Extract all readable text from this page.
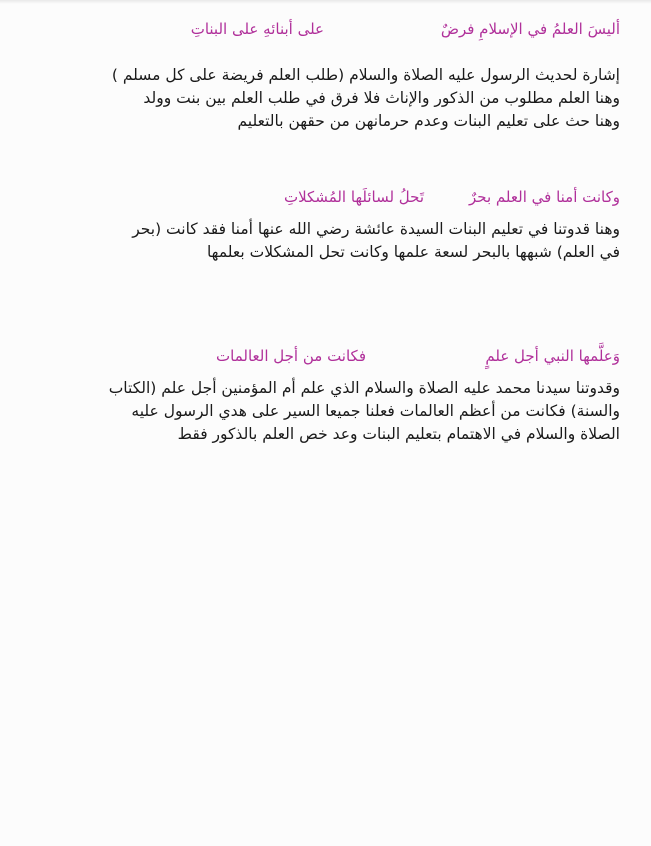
أليسَ العلمُ في الإسلامِ فرضٌ
على أبنائهِ على البناتِ
إشارة لحديث الرسول عليه الصلاة والسلام (طلب العلم فريضة على كل مسلم )
وهنا العلم مطلوب من الذكور والإناث فلا فرق في طلب العلم بين بنت وولد
وهنا حث على تعليم البنات وعدم حرمانهن من حقهن بالتعليم
وكانت أمنا في العلم بحرٌ
تَحلُ لسائلَها المُشكلاتِ
وهنا قدوتنا في تعليم البنات السيدة عائشة رضي الله عنها أمنا فقد كانت (بحر
في العلم) شبهها بالبحر لسعة علمها وكانت تحل المشكلات بعلمها
وَعلَّمها النبي أجل علمٍ
فكانت من أجل العالمات
وقدوتنا سيدنا محمد عليه الصلاة والسلام الذي علم أم المؤمنين أجل علم (الكتاب
والسنة) فكانت من أعظم العالمات فعلنا جميعا السير على هدي الرسول عليه
الصلاة والسلام في الاهتمام بتعليم البنات وعد خص العلم بالذكور فقط
